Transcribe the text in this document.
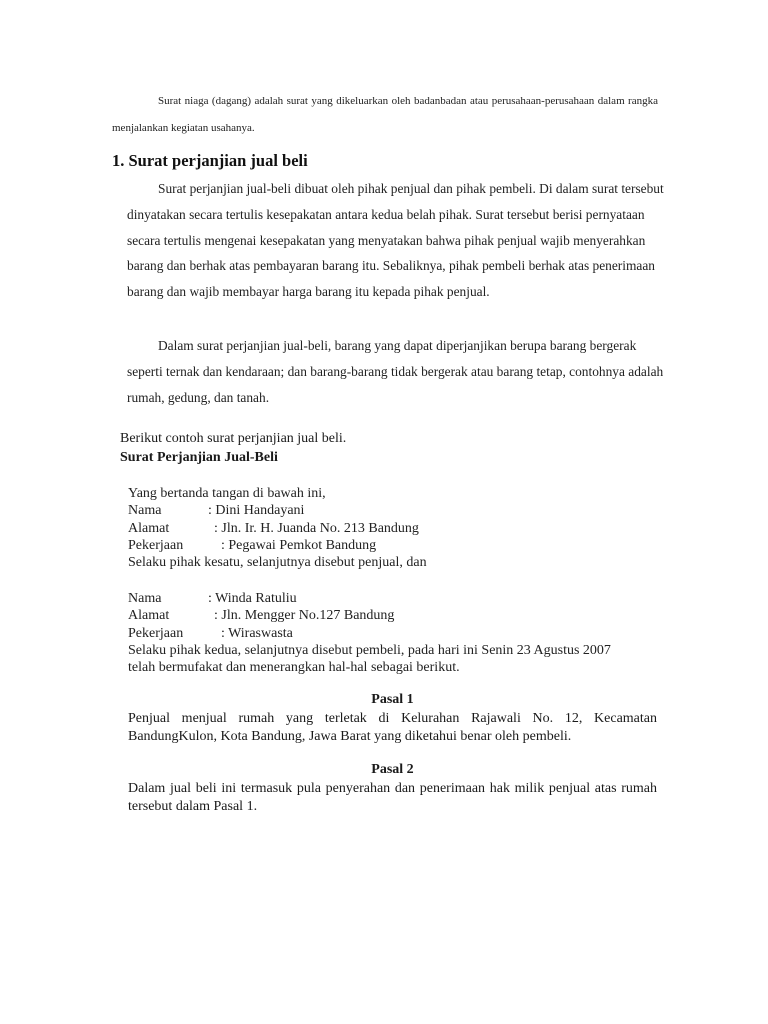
Surat niaga (dagang) adalah surat yang dikeluarkan oleh badanbadan atau perusahaan-perusahaan dalam rangka menjalankan kegiatan usahanya.
1. Surat perjanjian jual beli
Surat perjanjian jual-beli dibuat oleh pihak penjual dan pihak pembeli. Di dalam surat tersebut dinyatakan secara tertulis kesepakatan antara kedua belah pihak. Surat tersebut berisi pernyataan secara tertulis mengenai kesepakatan yang menyatakan bahwa pihak penjual wajib menyerahkan barang dan berhak atas pembayaran barang itu. Sebaliknya, pihak pembeli berhak atas penerimaan barang dan wajib membayar harga barang itu kepada pihak penjual.
Dalam surat perjanjian jual-beli, barang yang dapat diperjanjikan berupa barang bergerak seperti ternak dan kendaraan; dan barang-barang tidak bergerak atau barang tetap, contohnya adalah rumah, gedung, dan tanah.
Berikut contoh surat perjanjian jual beli.
Surat Perjanjian Jual-Beli
Yang bertanda tangan di bawah ini,
Nama	: Dini Handayani
Alamat	: Jln. Ir. H. Juanda No. 213 Bandung
Pekerjaan	: Pegawai Pemkot Bandung
Selaku pihak kesatu, selanjutnya disebut penjual, dan
Nama	: Winda Ratuliu
Alamat	: Jln. Mengger No.127 Bandung
Pekerjaan	: Wiraswasta
Selaku pihak kedua, selanjutnya disebut pembeli, pada hari ini Senin 23 Agustus 2007
telah bermufakat dan menerangkan hal-hal sebagai berikut.
Pasal 1
Penjual menjual rumah yang terletak di Kelurahan Rajawali No. 12, Kecamatan BandungKulon, Kota Bandung, Jawa Barat yang diketahui benar oleh pembeli.
Pasal 2
Dalam jual beli ini termasuk pula penyerahan dan penerimaan hak milik penjual atas rumah tersebut dalam Pasal 1.
